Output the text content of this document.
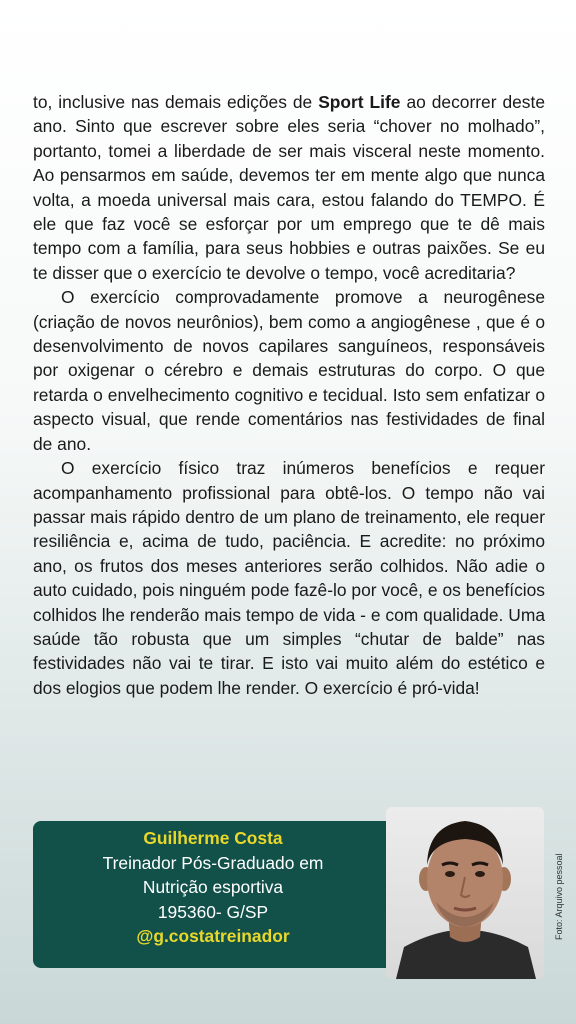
to, inclusive nas demais edições de Sport Life ao decorrer deste ano. Sinto que escrever sobre eles seria “chover no molhado”, portanto, tomei a liberdade de ser mais visceral neste momento. Ao pensarmos em saúde, devemos ter em mente algo que nunca volta, a moeda universal mais cara, estou falando do TEMPO. É ele que faz você se esforçar por um emprego que te dê mais tempo com a família, para seus hobbies e outras paixões. Se eu te disser que o exercício te devolve o tempo, você acreditaria?

O exercício comprovadamente promove a neurogênese (criação de novos neurônios), bem como a angiogênese , que é o desenvolvimento de novos capilares sanguíneos, responsáveis por oxigenar o cérebro e demais estruturas do corpo. O que retarda o envelhecimento cognitivo e tecidual. Isto sem enfatizar o aspecto visual, que rende comentários nas festividades de final de ano.

O exercício físico traz inúmeros benefícios e requer acompanhamento profissional para obtê-los. O tempo não vai passar mais rápido dentro de um plano de treinamento, ele requer resiliência e, acima de tudo, paciência. E acredite: no próximo ano, os frutos dos meses anteriores serão colhidos. Não adie o auto cuidado, pois ninguém pode fazê-lo por você, e os benefícios colhidos lhe renderão mais tempo de vida - e com qualidade. Uma saúde tão robusta que um simples “chutar de balde” nas festividades não vai te tirar. E isto vai muito além do estético e dos elogios que podem lhe render. O exercício é pró-vida!

Guilherme Costa
Treinador Pós-Graduado em
Nutrição esportiva
195360- G/SP
@g.costatreinador	Foto: Arquivo pessoal
